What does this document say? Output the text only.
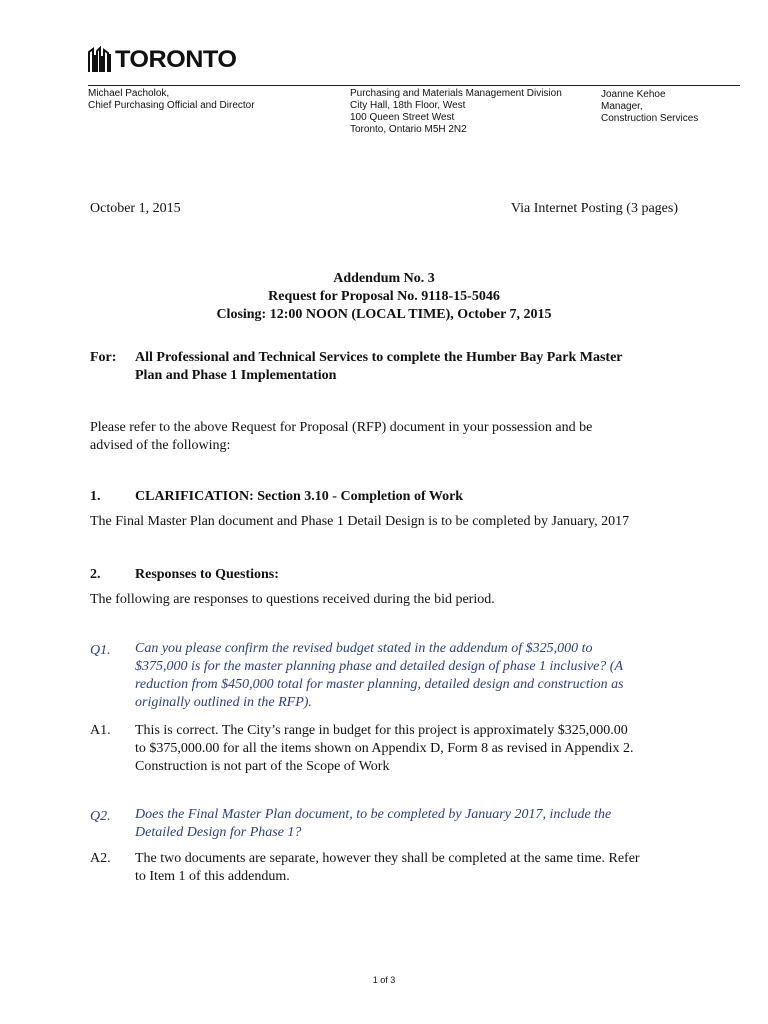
TORONTO
Michael Pacholok,
Chief Purchasing Official and Director
Purchasing and Materials Management Division
City Hall, 18th Floor, West
100 Queen Street West
Toronto, Ontario M5H 2N2
Joanne Kehoe
Manager,
Construction Services
October 1, 2015	Via Internet Posting (3 pages)
Addendum No. 3
Request for Proposal No. 9118-15-5046
Closing: 12:00 NOON (LOCAL TIME), October 7, 2015
For: All Professional and Technical Services to complete the Humber Bay Park Master
Plan and Phase 1 Implementation
Please refer to the above Request for Proposal (RFP) document in your possession and be
advised of the following:
1. CLARIFICATION: Section 3.10 - Completion of Work
The Final Master Plan document and Phase 1 Detail Design is to be completed by January, 2017
2. Responses to Questions:
The following are responses to questions received during the bid period.
Q1. Can you please confirm the revised budget stated in the addendum of $325,000 to
$375,000 is for the master planning phase and detailed design of phase 1 inclusive? (A
reduction from $450,000 total for master planning, detailed design and construction as
originally outlined in the RFP).
A1. This is correct. The City’s range in budget for this project is approximately $325,000.00
to $375,000.00 for all the items shown on Appendix D, Form 8 as revised in Appendix 2.
Construction is not part of the Scope of Work
Q2. Does the Final Master Plan document, to be completed by January 2017, include the
Detailed Design for Phase 1?
A2. The two documents are separate, however they shall be completed at the same time. Refer
to Item 1 of this addendum.
1 of 3
